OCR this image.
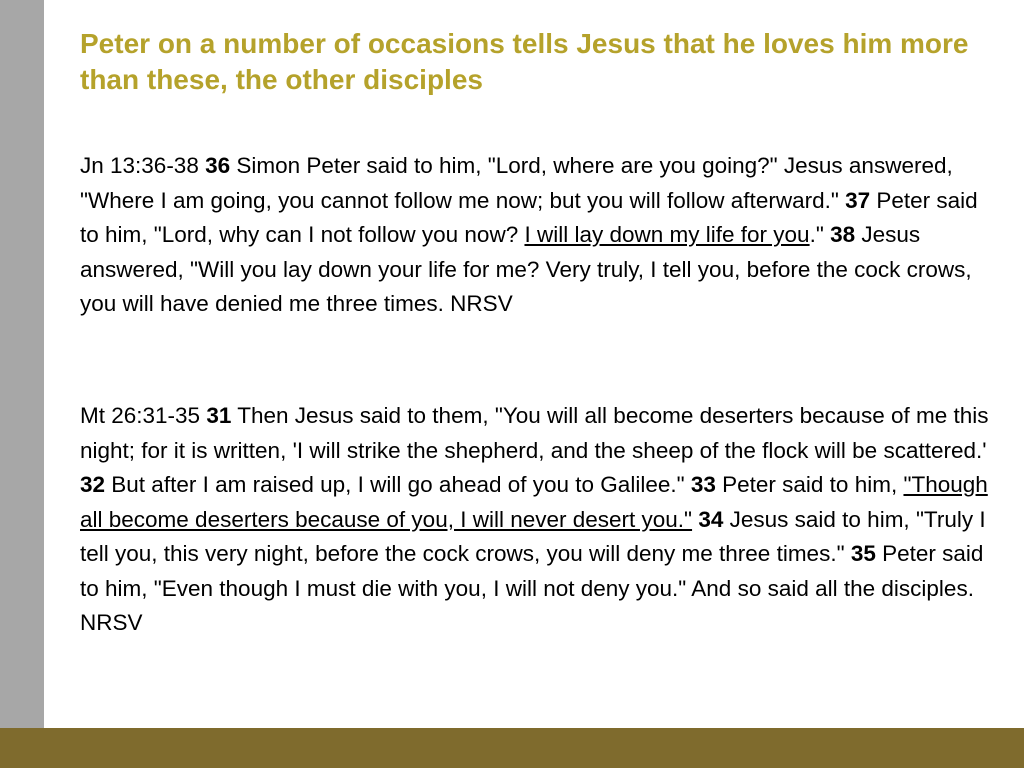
Peter on a number of occasions tells Jesus that he loves him more than these, the other disciples

Jn 13:36-38 36 Simon Peter said to him, "Lord, where are you going?" Jesus answered, "Where I am going, you cannot follow me now; but you will follow afterward." 37 Peter said to him, "Lord, why can I not follow you now? I will lay down my life for you." 38 Jesus answered, "Will you lay down your life for me? Very truly, I tell you, before the cock crows, you will have denied me three times. NRSV

Mt 26:31-35 31 Then Jesus said to them, "You will all become deserters because of me this night; for it is written, 'I will strike the shepherd, and the sheep of the flock will be scattered.' 32 But after I am raised up, I will go ahead of you to Galilee." 33 Peter said to him, "Though all become deserters because of you, I will never desert you." 34 Jesus said to him, "Truly I tell you, this very night, before the cock crows, you will deny me three times." 35 Peter said to him, "Even though I must die with you, I will not deny you." And so said all the disciples. NRSV
